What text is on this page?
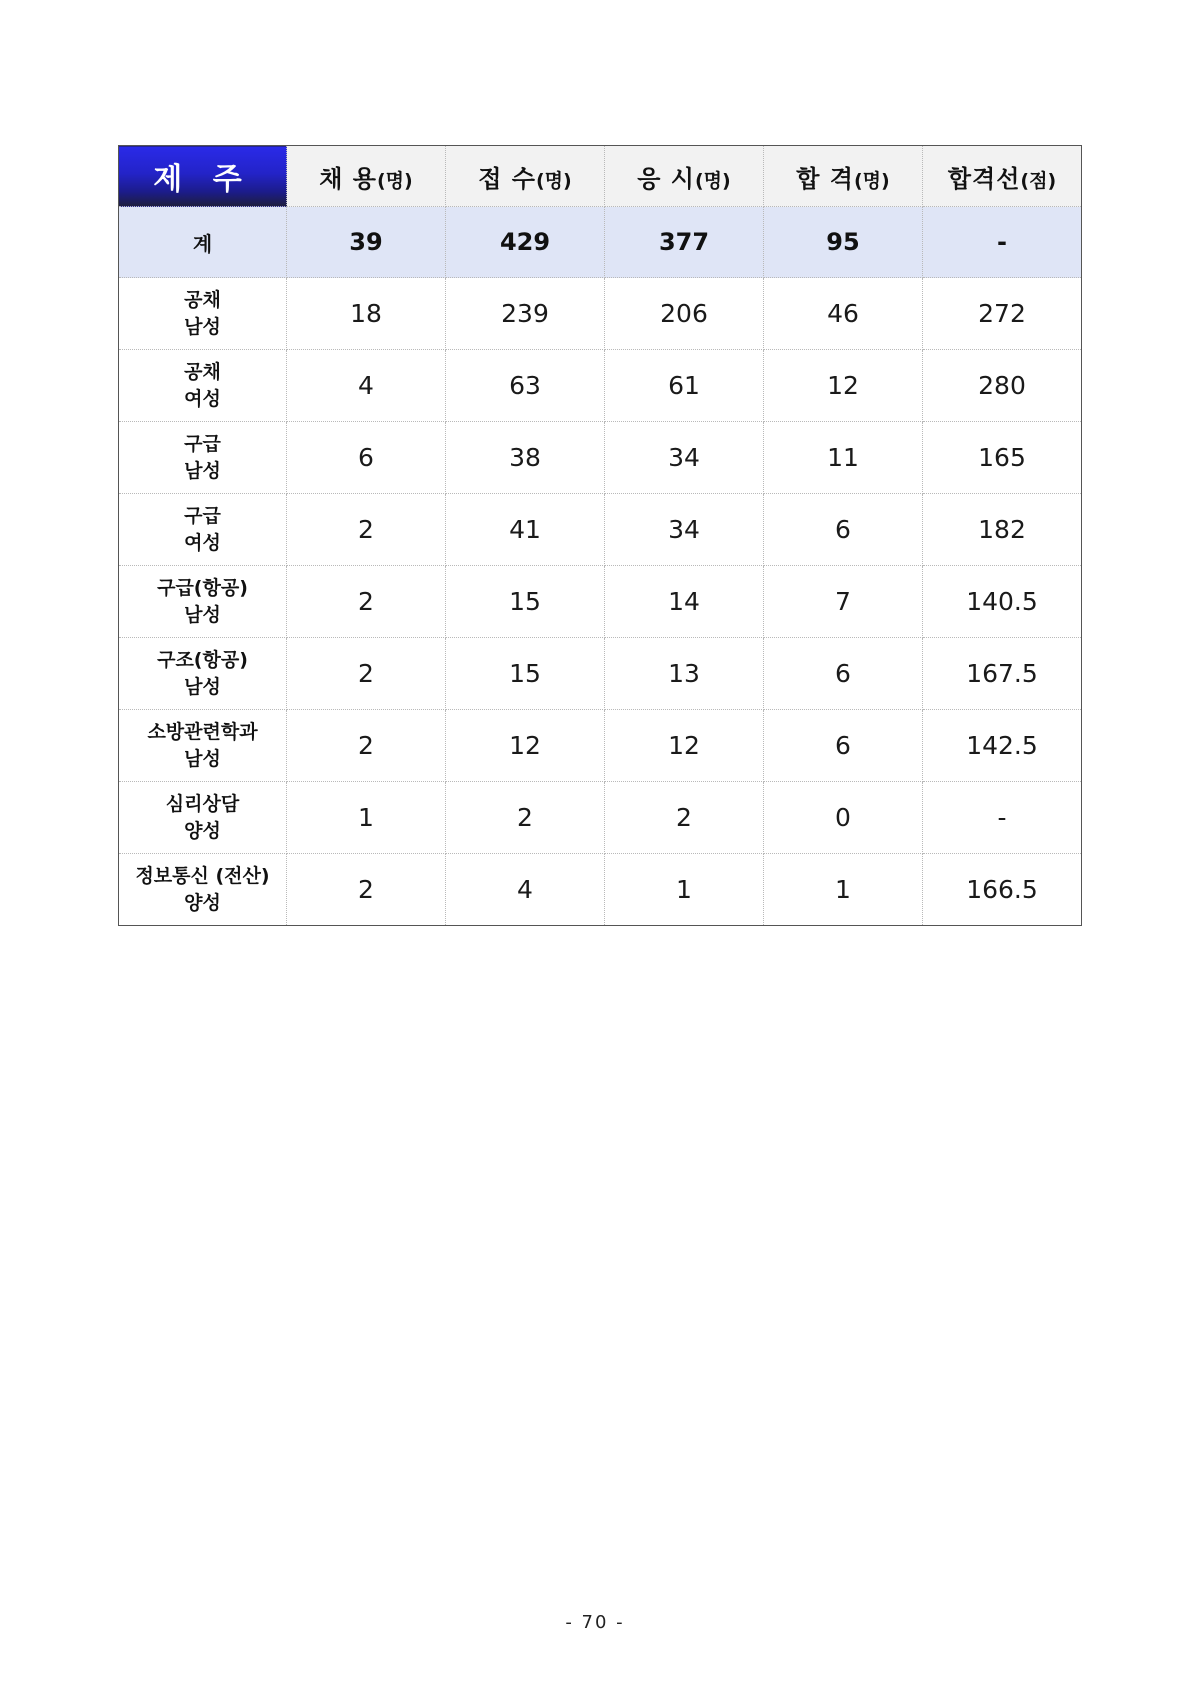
제 주	채 용(명)	접 수(명)	응 시(명)	합 격(명)	합격선(점)
계	39	429	377	95	-

공채
남성	18	239	206	46	272

공채
여성	4	63	61	12	280

구급
남성	6	38	34	11	165

구급
여성	2	41	34	6	182

구급(항공)
남성	2	15	14	7	140.5

구조(항공)
남성	2	15	13	6	167.5

소방관련학과
남성	2	12	12	6	142.5

심리상담
양성	1	2	2	0	-

정보통신 (전산)
양성	2	4	1	1	166.5
- 70 -
